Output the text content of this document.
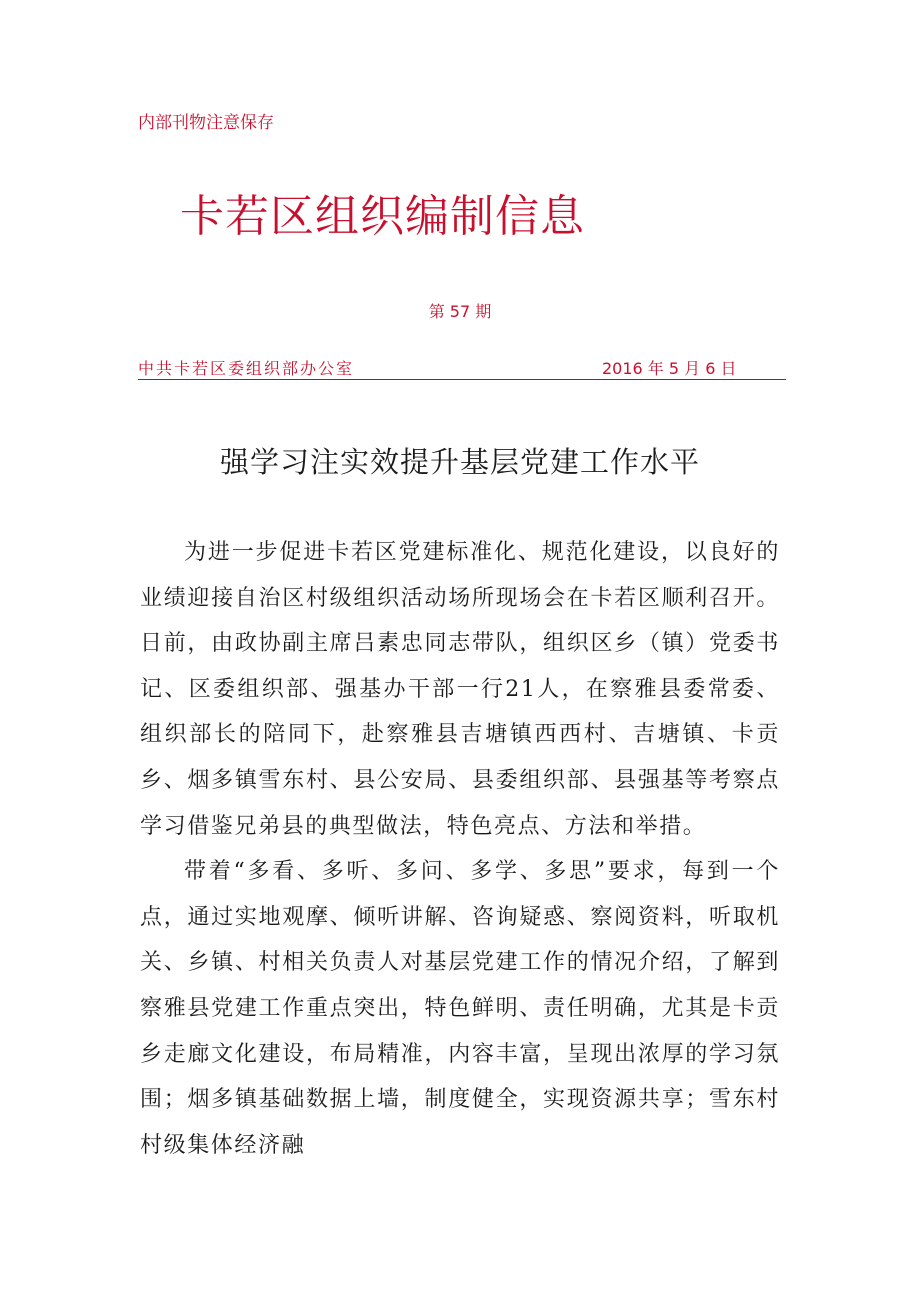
内部刊物注意保存
卡若区组织编制信息
第 57 期
中共卡若区委组织部办公室	2016 年 5 月 6 日
强学习注实效提升基层党建工作水平

为进一步促进卡若区党建标准化、规范化建设，以良好的业绩迎接自治区村级组织活动场所现场会在卡若区顺利召开。日前，由政协副主席吕素忠同志带队，组织区乡（镇）党委书记、区委组织部、强基办干部一行21人，在察雅县委常委、组织部长的陪同下，赴察雅县吉塘镇西西村、吉塘镇、卡贡乡、烟多镇雪东村、县公安局、县委组织部、县强基等考察点学习借鉴兄弟县的典型做法，特色亮点、方法和举措。

带着“多看、多听、多问、多学、多思”要求，每到一个点，通过实地观摩、倾听讲解、咨询疑惑、察阅资料，听取机关、乡镇、村相关负责人对基层党建工作的情况介绍，了解到察雅县党建工作重点突出，特色鲜明、责任明确，尤其是卡贡乡走廊文化建设，布局精准，内容丰富，呈现出浓厚的学习氛围；烟多镇基础数据上墙，制度健全，实现资源共享；雪东村村级集体经济融
